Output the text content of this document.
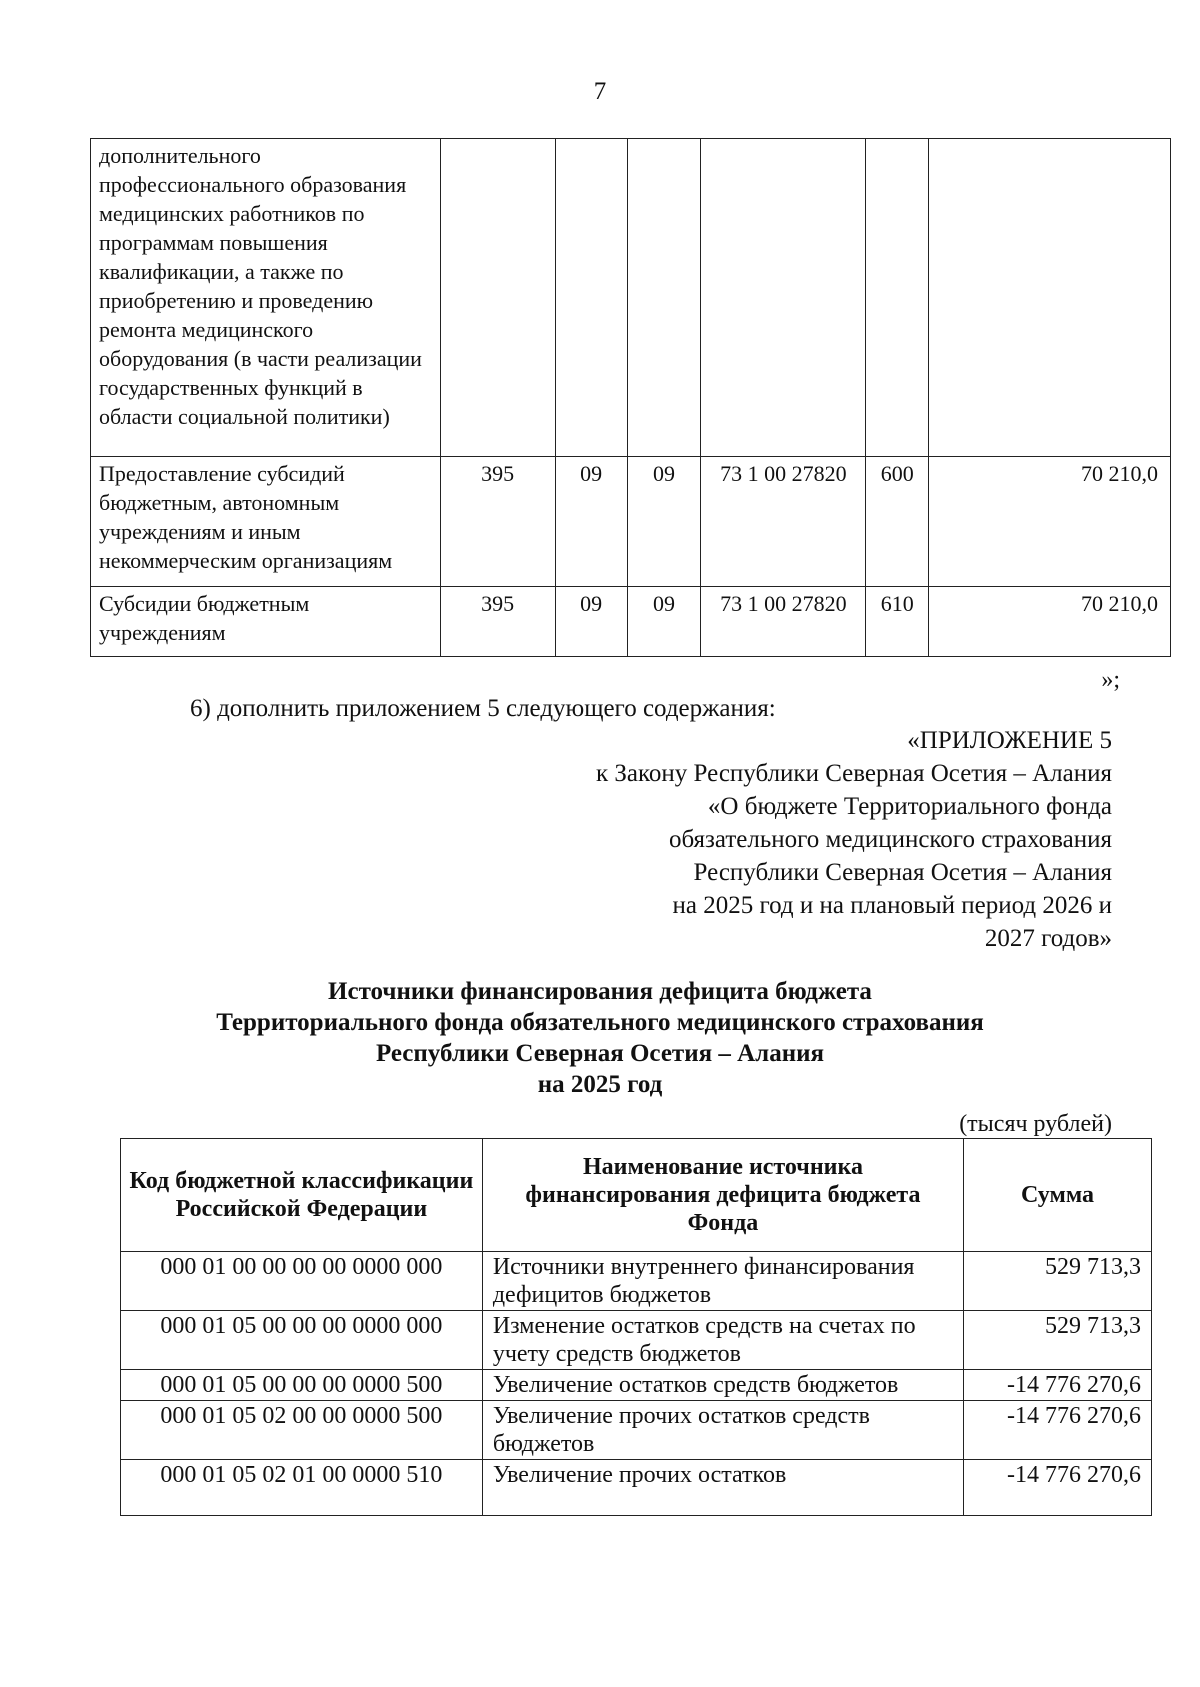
7
дополнительного профессионального образования медицинских работников по программам повышения квалификации, а также по приобретению и проведению ремонта медицинского оборудования (в части реализации государственных функций в области социальной политики)						
Предоставление субсидий бюджетным, автономным учреждениям и иным некоммерческим организациям	395	09	09	73 1 00 27820	600	70 210,0
Субсидии бюджетным учреждениям	395	09	09	73 1 00 27820	610	70 210,0
»;
6) дополнить приложением 5 следующего содержания:
«ПРИЛОЖЕНИЕ 5
к Закону Республики Северная Осетия – Алания
«О бюджете Территориального фонда
обязательного медицинского страхования
Республики Северная Осетия – Алания
на 2025 год и на плановый период 2026 и
2027 годов»
Источники финансирования дефицита бюджета
Территориального фонда обязательного медицинского страхования
Республики Северная Осетия – Алания
на 2025 год
(тысяч рублей)
Код бюджетной классификации Российской Федерации	Наименование источника финансирования дефицита бюджета Фонда	Сумма
000 01 00 00 00 00 0000 000	Источники внутреннего финансирования дефицитов бюджетов	529 713,3
000 01 05 00 00 00 0000 000	Изменение остатков средств на счетах по учету средств бюджетов	529 713,3
000 01 05 00 00 00 0000 500	Увеличение остатков средств бюджетов	-14 776 270,6
000 01 05 02 00 00 0000 500	Увеличение прочих остатков средств бюджетов	-14 776 270,6
000 01 05 02 01 00 0000 510	Увеличение прочих остатков	-14 776 270,6
